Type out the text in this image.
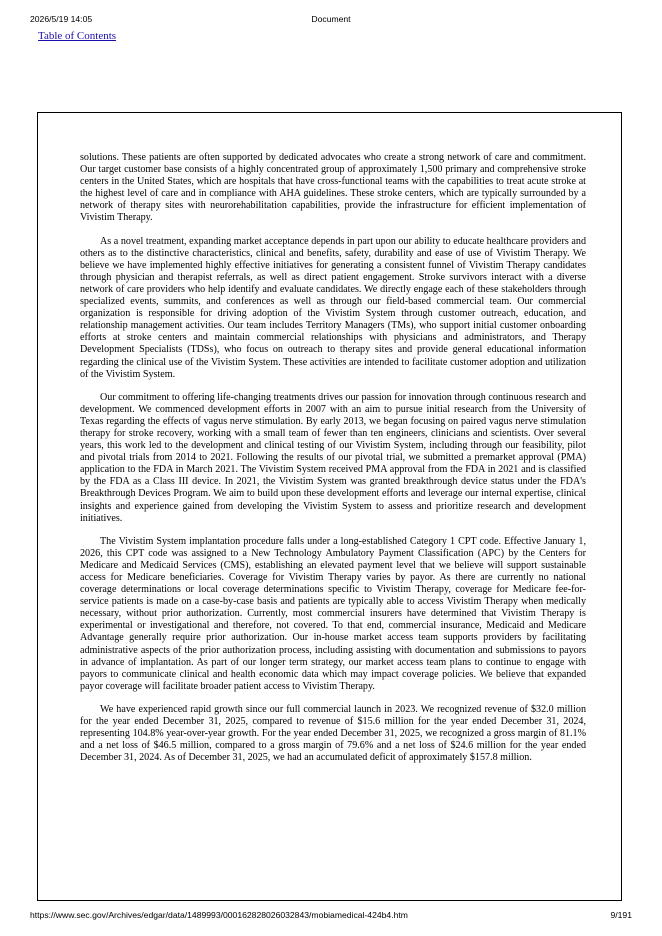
2026/5/19 14:05	Document
Table of Contents

solutions. These patients are often supported by dedicated advocates who create a strong network of care and commitment. Our target customer base consists of a highly concentrated group of approximately 1,500 primary and comprehensive stroke centers in the United States, which are hospitals that have cross-functional teams with the capabilities to treat acute stroke at the highest level of care and in compliance with AHA guidelines. These stroke centers, which are typically surrounded by a network of therapy sites with neurorehabilitation capabilities, provide the infrastructure for efficient implementation of Vivistim Therapy.

As a novel treatment, expanding market acceptance depends in part upon our ability to educate healthcare providers and others as to the distinctive characteristics, clinical and benefits, safety, durability and ease of use of Vivistim Therapy. We believe we have implemented highly effective initiatives for generating a consistent funnel of Vivistim Therapy candidates through physician and therapist referrals, as well as direct patient engagement. Stroke survivors interact with a diverse network of care providers who help identify and evaluate candidates. We directly engage each of these stakeholders through specialized events, summits, and conferences as well as through our field-based commercial team. Our commercial organization is responsible for driving adoption of the Vivistim System through customer outreach, education, and relationship management activities. Our team includes Territory Managers (TMs), who support initial customer onboarding efforts at stroke centers and maintain commercial relationships with physicians and administrators, and Therapy Development Specialists (TDSs), who focus on outreach to therapy sites and provide general educational information regarding the clinical use of the Vivistim System. These activities are intended to facilitate customer adoption and utilization of the Vivistim System.

Our commitment to offering life-changing treatments drives our passion for innovation through continuous research and development. We commenced development efforts in 2007 with an aim to pursue initial research from the University of Texas regarding the effects of vagus nerve stimulation. By early 2013, we began focusing on paired vagus nerve stimulation therapy for stroke recovery, working with a small team of fewer than ten engineers, clinicians and scientists. Over several years, this work led to the development and clinical testing of our Vivistim System, including through our feasibility, pilot and pivotal trials from 2014 to 2021. Following the results of our pivotal trial, we submitted a premarket approval (PMA) application to the FDA in March 2021. The Vivistim System received PMA approval from the FDA in 2021 and is classified by the FDA as a Class III device. In 2021, the Vivistim System was granted breakthrough device status under the FDA's Breakthrough Devices Program. We aim to build upon these development efforts and leverage our internal expertise, clinical insights and experience gained from developing the Vivistim System to assess and prioritize research and development initiatives.

The Vivistim System implantation procedure falls under a long-established Category 1 CPT code. Effective January 1, 2026, this CPT code was assigned to a New Technology Ambulatory Payment Classification (APC) by the Centers for Medicare and Medicaid Services (CMS), establishing an elevated payment level that we believe will support sustainable access for Medicare beneficiaries. Coverage for Vivistim Therapy varies by payor. As there are currently no national coverage determinations or local coverage determinations specific to Vivistim Therapy, coverage for Medicare fee-for-service patients is made on a case-by-case basis and patients are typically able to access Vivistim Therapy when medically necessary, without prior authorization. Currently, most commercial insurers have determined that Vivistim Therapy is experimental or investigational and therefore, not covered. To that end, commercial insurance, Medicaid and Medicare Advantage generally require prior authorization. Our in-house market access team supports providers by facilitating administrative aspects of the prior authorization process, including assisting with documentation and submissions to payors in advance of implantation. As part of our longer term strategy, our market access team plans to continue to engage with payors to communicate clinical and health economic data which may impact coverage policies. We believe that expanded payor coverage will facilitate broader patient access to Vivistim Therapy.

We have experienced rapid growth since our full commercial launch in 2023. We recognized revenue of $32.0 million for the year ended December 31, 2025, compared to revenue of $15.6 million for the year ended December 31, 2024, representing 104.8% year-over-year growth. For the year ended December 31, 2025, we recognized a gross margin of 81.1% and a net loss of $46.5 million, compared to a gross margin of 79.6% and a net loss of $24.6 million for the year ended December 31, 2024. As of December 31, 2025, we had an accumulated deficit of approximately $157.8 million.

https://www.sec.gov/Archives/edgar/data/1489993/000162828026032843/mobiamedical-424b4.htm	9/191
